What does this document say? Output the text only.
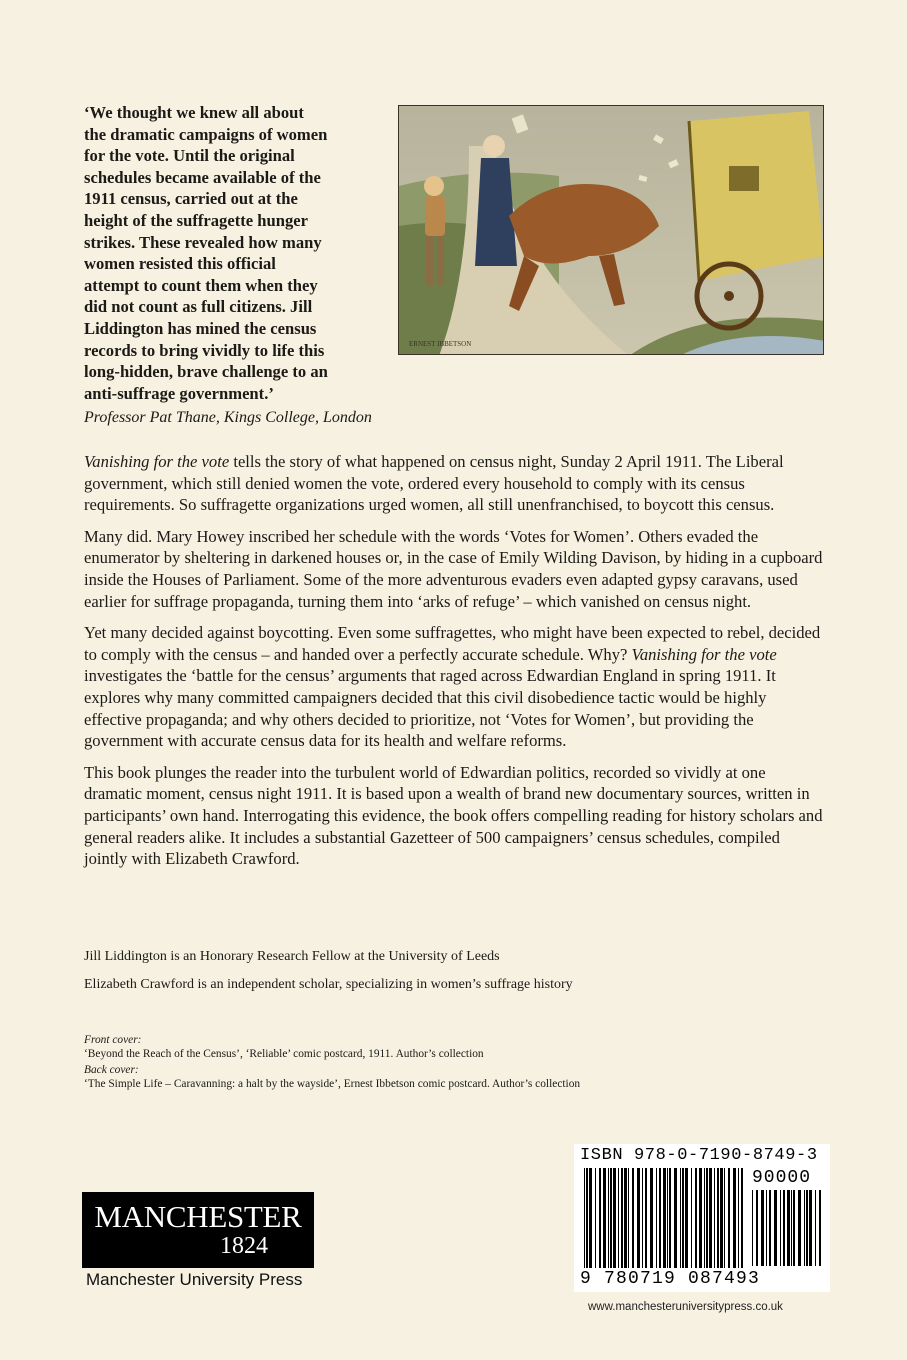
‘We thought we knew all about
the dramatic campaigns of women
for the vote. Until the original
schedules became available of the
1911 census, carried out at the
height of the suffragette hunger
strikes. These revealed how many
women resisted this official
attempt to count them when they
did not count as full citizens. Jill
Liddington has mined the census
records to bring vividly to life this
long-hidden, brave challenge to an
anti-suffrage government.’
Professor Pat Thane, Kings College, London
ERNEST IBBETSON

Vanishing for the vote tells the story of what happened on census night, Sunday 2 April 1911. The Liberal government, which still denied women the vote, ordered every household to comply with its census requirements. So suffragette organizations urged women, all still unenfranchised, to boycott this census.

Many did. Mary Howey inscribed her schedule with the words ‘Votes for Women’. Others evaded the enumerator by sheltering in darkened houses or, in the case of Emily Wilding Davison, by hiding in a cupboard inside the Houses of Parliament. Some of the more adventurous evaders even adapted gypsy caravans, used earlier for suffrage propaganda, turning them into ‘arks of refuge’ – which vanished on census night.

Yet many decided against boycotting. Even some suffragettes, who might have been expected to rebel, decided to comply with the census – and handed over a perfectly accurate schedule. Why? Vanishing for the vote investigates the ‘battle for the census’ arguments that raged across Edwardian England in spring 1911. It explores why many committed campaigners decided that this civil disobedience tactic would be highly effective propaganda; and why others decided to prioritize, not ‘Votes for Women’, but providing the government with accurate census data for its health and welfare reforms.

This book plunges the reader into the turbulent world of Edwardian politics, recorded so vividly at one dramatic moment, census night 1911. It is based upon a wealth of brand new documentary sources, written in participants’ own hand. Interrogating this evidence, the book offers compelling reading for history scholars and general readers alike. It includes a substantial Gazetteer of 500 campaigners’ census schedules, compiled jointly with Elizabeth Crawford.

Jill Liddington is an Honorary Research Fellow at the University of Leeds

Elizabeth Crawford is an independent scholar, specializing in women’s suffrage history

Front cover:
‘Beyond the Reach of the Census’, ‘Reliable’ comic postcard, 1911. Author’s collection
Back cover:
‘The Simple Life – Caravanning: a halt by the wayside’, Ernest Ibbetson comic postcard. Author’s collection
MANCHESTER
1824
Manchester University Press
ISBN 978-0-7190-8749-3
90000
9 780719 087493
www.manchesteruniversitypress.co.uk
